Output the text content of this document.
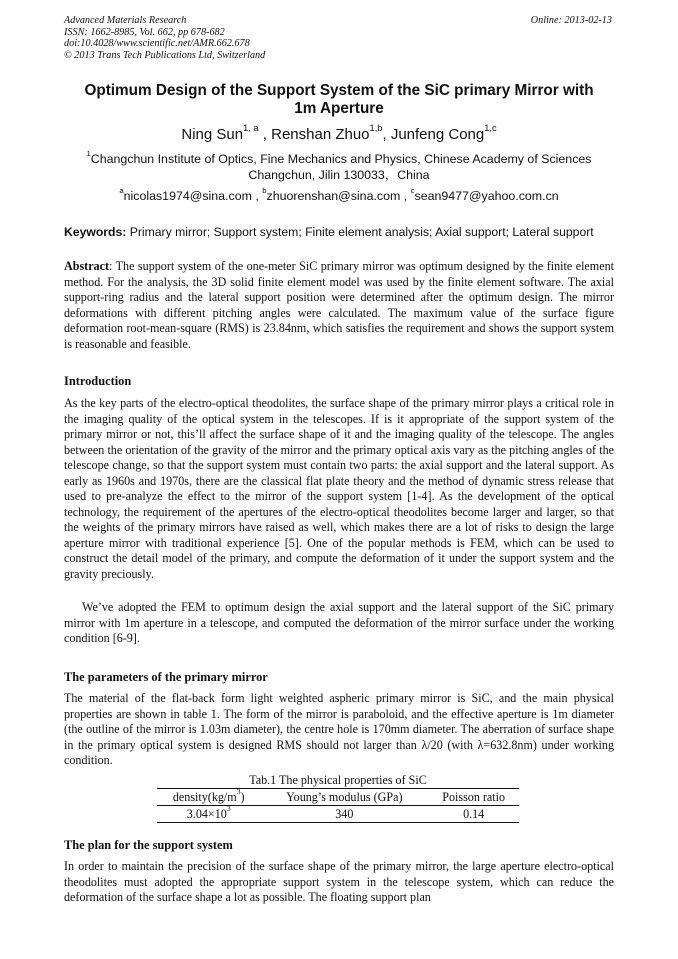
Advanced Materials Research
ISSN: 1662-8985, Vol. 662, pp 678-682
doi:10.4028/www.scientific.net/AMR.662.678
© 2013 Trans Tech Publications Ltd, Switzerland
Online: 2013-02-13
Optimum Design of the Support System of the SiC primary Mirror with
1m Aperture
Ning Sun$^{1, a}$ , Renshan Zhuo$^{1,b}$, Junfeng Cong$^{1,c}$
$^1$Changchun Institute of Optics, Fine Mechanics and Physics, Chinese Academy of Sciences
Changchun, Jilin 130033，China
$^a$nicolas1974@sina.com , $^b$zhuorenshan@sina.com , $^c$sean9477@yahoo.com.cn
Keywords: Primary mirror; Support system; Finite element analysis; Axial support; Lateral support
Abstract: The support system of the one-meter SiC primary mirror was optimum designed by the finite element method. For the analysis, the 3D solid finite element model was used by the finite element software. The axial support-ring radius and the lateral support position were determined after the optimum design. The mirror deformations with different pitching angles were calculated. The maximum value of the surface figure deformation root-mean-square (RMS) is 23.84nm, which satisfies the requirement and shows the support system is reasonable and feasible.
Introduction
As the key parts of the electro-optical theodolites, the surface shape of the primary mirror plays a critical role in the imaging quality of the optical system in the telescopes. If is it appropriate of the support system of the primary mirror or not, this’ll affect the surface shape of it and the imaging quality of the telescope. The angles between the orientation of the gravity of the mirror and the primary optical axis vary as the pitching angles of the telescope change, so that the support system must contain two parts: the axial support and the lateral support. As early as 1960s and 1970s, there are the classical flat plate theory and the method of dynamic stress release that used to pre-analyze the effect to the mirror of the support system [1-4]. As the development of the optical technology, the requirement of the apertures of the electro-optical theodolites become larger and larger, so that the weights of the primary mirrors have raised as well, which makes there are a lot of risks to design the large aperture mirror with traditional experience [5]. One of the popular methods is FEM, which can be used to construct the detail model of the primary, and compute the deformation of it under the support system and the gravity preciously.
We’ve adopted the FEM to optimum design the axial support and the lateral support of the SiC primary mirror with 1m aperture in a telescope, and computed the deformation of the mirror surface under the working condition [6-9].
The parameters of the primary mirror
The material of the flat-back form light weighted aspheric primary mirror is SiC, and the main physical properties are shown in table 1. The form of the mirror is paraboloid, and the effective aperture is 1m diameter (the outline of the mirror is 1.03m diameter), the centre hole is 170mm diameter. The aberration of surface shape in the primary optical system is designed RMS should not larger than λ/20 (with λ=632.8nm) under working condition.
Tab.1 The physical properties of SiC
$density(kg/m^3)$	Young’s modulus (GPa)	Poisson ratio
$3.04\times 10^3$	340	0.14
The plan for the support system
In order to maintain the precision of the surface shape of the primary mirror, the large aperture electro-optical theodolites must adopted the appropriate support system in the telescope system, which can reduce the deformation of the surface shape a lot as possible. The floating support plan
